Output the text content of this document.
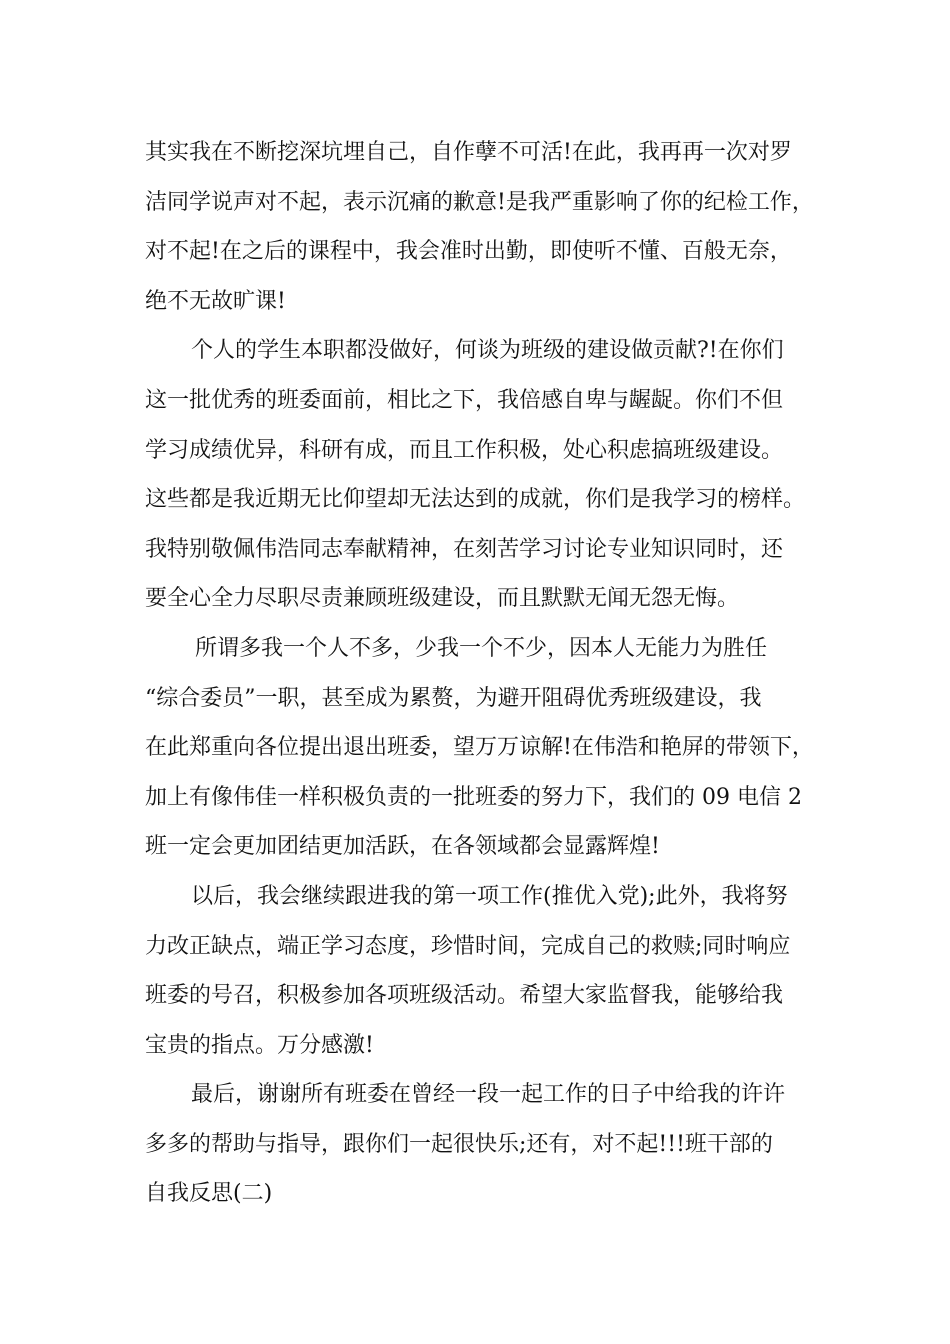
其实我在不断挖深坑埋自己，自作孽不可活!在此，我再再一次对罗

洁同学说声对不起，表示沉痛的歉意!是我严重影响了你的纪检工作，

对不起!在之后的课程中，我会准时出勤，即使听不懂、百般无奈，

绝不无故旷课!

个人的学生本职都没做好，何谈为班级的建设做贡献?!在你们

这一批优秀的班委面前，相比之下，我倍感自卑与龌龊。你们不但

学习成绩优异，科研有成，而且工作积极，处心积虑搞班级建设。

这些都是我近期无比仰望却无法达到的成就，你们是我学习的榜样。

我特别敬佩伟浩同志奉献精神，在刻苦学习讨论专业知识同时，还

要全心全力尽职尽责兼顾班级建设，而且默默无闻无怨无悔。

所谓多我一个人不多，少我一个不少，因本人无能力为胜任

“综合委员”一职，甚至成为累赘，为避开阻碍优秀班级建设，我

在此郑重向各位提出退出班委，望万万谅解!在伟浩和艳屏的带领下，

加上有像伟佳一样积极负责的一批班委的努力下，我们的 09 电信 2

班一定会更加团结更加活跃，在各领域都会显露辉煌!

以后，我会继续跟进我的第一项工作(推优入党);此外，我将努

力改正缺点，端正学习态度，珍惜时间，完成自己的救赎;同时响应

班委的号召，积极参加各项班级活动。希望大家监督我，能够给我

宝贵的指点。万分感激!

最后，谢谢所有班委在曾经一段一起工作的日子中给我的许许

多多的帮助与指导，跟你们一起很快乐;还有，对不起!!!班干部的

自我反思(二)
